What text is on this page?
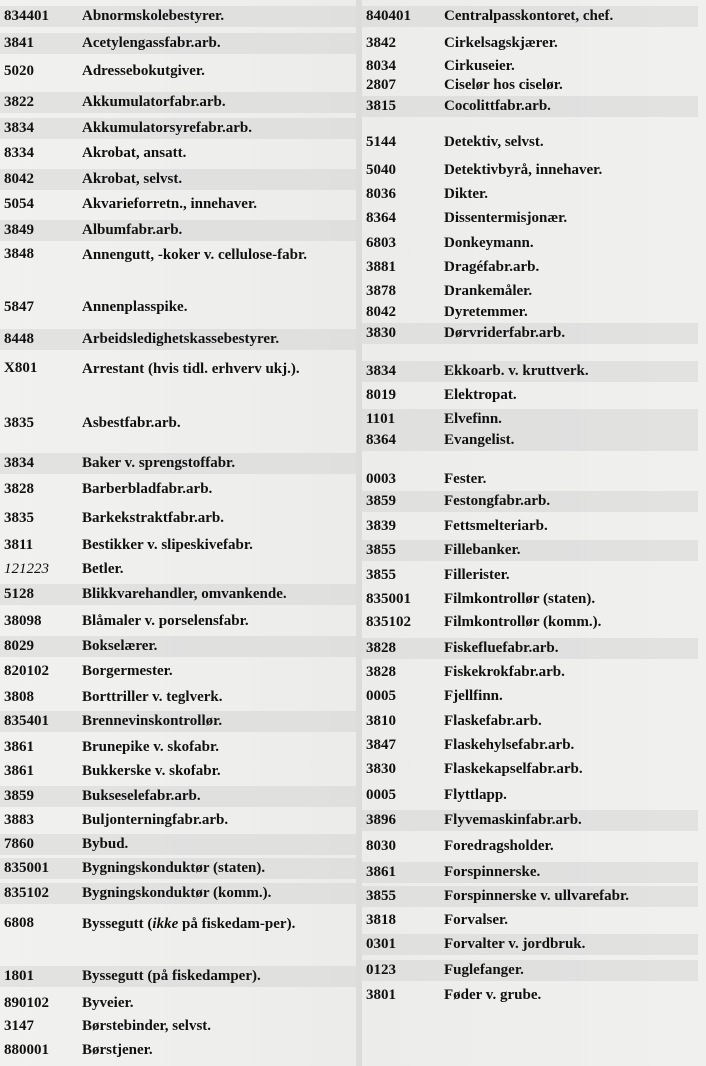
834401	Abnormskolebestyrer.
3841	Acetylengassfabr.arb.
5020	Adressebokutgiver.
3822	Akkumulatorfabr.arb.
3834	Akkumulatorsyrefabr.arb.
8334	Akrobat, ansatt.
8042	Akrobat, selvst.
5054	Akvarieforretn., innehaver.
3849	Albumfabr.arb.
3848	Annengutt, -koker v. cellulose-fabr.
5847	Annenplasspike.
8448	Arbeidsledighetskassebestyrer.
X801	Arrestant (hvis tidl. erhverv ukj.).
3835	Asbestfabr.arb.
3834	Baker v. sprengstoffabr.
3828	Barberbladfabr.arb.
3835	Barkekstraktfabr.arb.
3811	Bestikker v. slipeskivefabr.
121223	Betler.
5128	Blikkvarehandler, omvankende.
38098	Blåmaler v. porselensfabr.
8029	Bokselærer.
820102	Borgermester.
3808	Borttriller v. teglverk.
835401	Brennevinskontrollør.
3861	Brunepike v. skofabr.
3861	Bukkerske v. skofabr.
3859	Bukseselefabr.arb.
3883	Buljonterningfabr.arb.
7860	Bybud.
835001	Bygningskonduktør (staten).
835102	Bygningskonduktør (komm.).
6808	Byssegutt (ikke på fiskedam-per).
1801	Byssegutt (på fiskedamper).
890102	Byveier.
3147	Børstebinder, selvst.
880001	Børstjener.
840401	Centralpasskontoret, chef.
3842	Cirkelsagskjærer.
8034	Cirkuseier.
2807	Ciselør hos ciselør.
3815	Cocolittfabr.arb.
5144	Detektiv, selvst.
5040	Detektivbyrå, innehaver.
8036	Dikter.
8364	Dissentermisjonær.
6803	Donkeymann.
3881	Dragéfabr.arb.
3878	Drankemåler.
8042	Dyretemmer.
3830	Dørvriderfabr.arb.
3834	Ekkoarb. v. kruttverk.
8019	Elektropat.
1101	Elvefinn.
8364	Evangelist.
0003	Fester.
3859	Festongfabr.arb.
3839	Fettsmelteriarb.
3855	Fillebanker.
3855	Fillerister.
835001	Filmkontrollør (staten).
835102	Filmkontrollør (komm.).
3828	Fiskefluefabr.arb.
3828	Fiskekrokfabr.arb.
0005	Fjellfinn.
3810	Flaskefabr.arb.
3847	Flaskehylsefabr.arb.
3830	Flaskekapselfabr.arb.
0005	Flyttlapp.
3896	Flyvemaskinfabr.arb.
8030	Foredragsholder.
3861	Forspinnerske.
3855	Forspinnerske v. ullvarefabr.
3818	Forvalser.
0301	Forvalter v. jordbruk.
0123	Fuglefanger.
3801	Føder v. grube.
